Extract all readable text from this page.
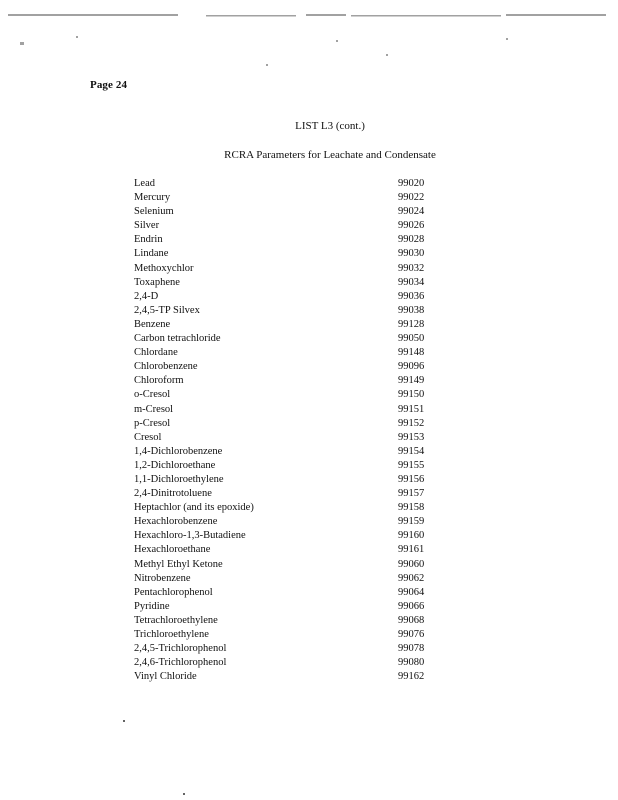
Page 24
LIST L3 (cont.)
RCRA Parameters for Leachate and Condensate
Lead	99020
Mercury	99022
Selenium	99024
Silver	99026
Endrin	99028
Lindane	99030
Methoxychlor	99032
Toxaphene	99034
2,4-D	99036
2,4,5-TP Silvex	99038
Benzene	99128
Carbon tetrachloride	99050
Chlordane	99148
Chlorobenzene	99096
Chloroform	99149
o-Cresol	99150
m-Cresol	99151
p-Cresol	99152
Cresol	99153
1,4-Dichlorobenzene	99154
1,2-Dichloroethane	99155
1,1-Dichloroethylene	99156
2,4-Dinitrotoluene	99157
Heptachlor (and its epoxide)	99158
Hexachlorobenzene	99159
Hexachloro-1,3-Butadiene	99160
Hexachloroethane	99161
Methyl Ethyl Ketone	99060
Nitrobenzene	99062
Pentachlorophenol	99064
Pyridine	99066
Tetrachloroethylene	99068
Trichloroethylene	99076
2,4,5-Trichlorophenol	99078
2,4,6-Trichlorophenol	99080
Vinyl Chloride	99162
